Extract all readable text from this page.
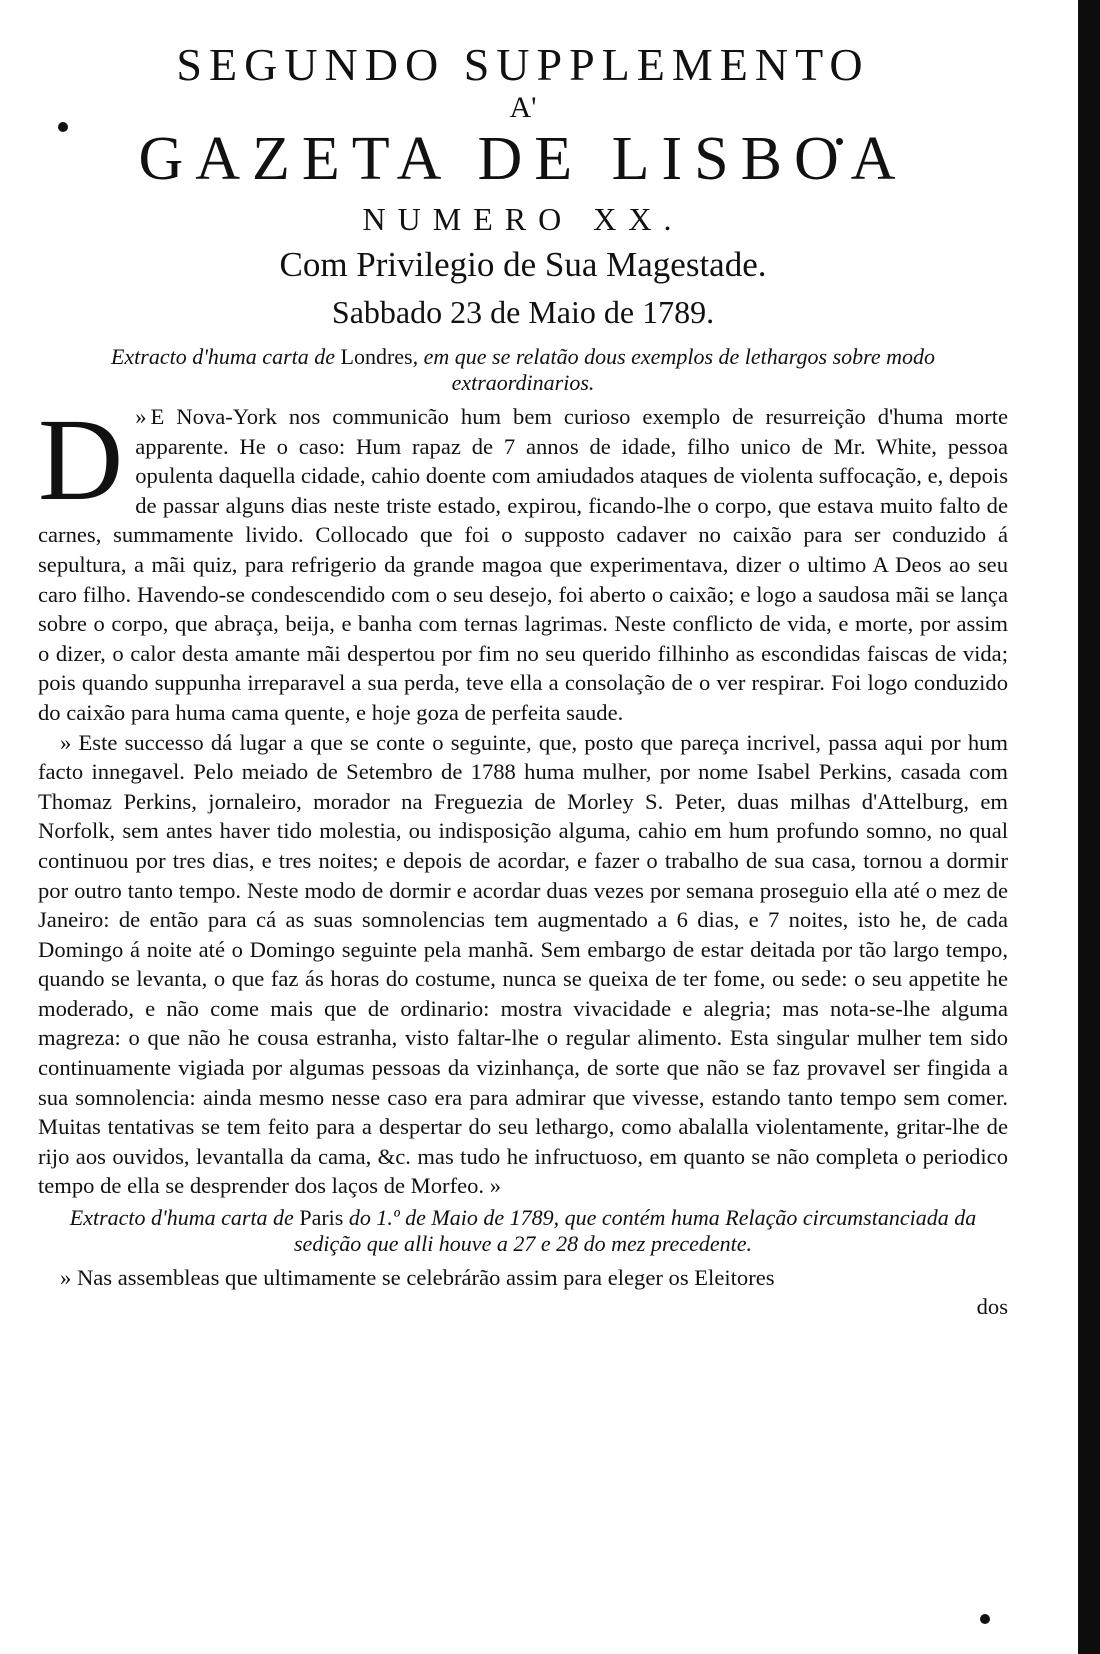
SEGUNDO SUPPLEMENTO
A'
GAZETA DE LISBOA
NUMERO XX.
Com Privilegio de Sua Magestade.
Sabbado 23 de Maio de 1789.

Extracto d'huma carta de Londres, em que se relatão dous exemplos de lethargos sobre modo extraordinarios.

»
D E Nova-York nos communicão hum bem curioso exemplo de resurreição d'huma morte apparente. He o caso: Hum rapaz de 7 annos de idade, filho unico de Mr. White, pessoa opulenta daquella cidade, cahio doente com amiudados ataques de violenta suffocação, e, depois de passar alguns dias neste triste estado, expirou, ficando-lhe o corpo, que estava muito falto de carnes, summamente livido. Collocado que foi o supposto cadaver no caixão para ser conduzido á sepultura, a mãi quiz, para refrigerio da grande magoa que experimentava, dizer o ultimo A Deos ao seu caro filho. Havendo-se condescendido com o seu desejo, foi aberto o caixão; e logo a saudosa mãi se lança sobre o corpo, que abraça, beija, e banha com ternas lagrimas. Neste conflicto de vida, e morte, por assim o dizer, o calor desta amante mãi despertou por fim no seu querido filhinho as escondidas faiscas de vida; pois quando suppunha irreparavel a sua perda, teve ella a consolação de o ver respirar. Foi logo conduzido do caixão para huma cama quente, e hoje goza de perfeita saude.

» Este successo dá lugar a que se conte o seguinte, que, posto que pareça incrivel, passa aqui por hum facto innegavel. Pelo meiado de Setembro de 1788 huma mulher, por nome Isabel Perkins, casada com Thomaz Perkins, jornaleiro, morador na Freguezia de Morley S. Peter, duas milhas d'Attelburg, em Norfolk, sem antes haver tido molestia, ou indisposição alguma, cahio em hum profundo somno, no qual continuou por tres dias, e tres noites; e depois de acordar, e fazer o trabalho de sua casa, tornou a dormir por outro tanto tempo. Neste modo de dormir e acordar duas vezes por semana proseguio ella até o mez de Janeiro: de então para cá as suas somnolencias tem augmentado a 6 dias, e 7 noites, isto he, de cada Domingo á noite até o Domingo seguinte pela manhã. Sem embargo de estar deitada por tão largo tempo, quando se levanta, o que faz ás horas do costume, nunca se queixa de ter fome, ou sede: o seu appetite he moderado, e não come mais que de ordinario: mostra vivacidade e alegria; mas nota-se-lhe alguma magreza: o que não he cousa estranha, visto faltar-lhe o regular alimento. Esta singular mulher tem sido continuamente vigiada por algumas pessoas da vizinhança, de sorte que não se faz provavel ser fingida a sua somnolencia: ainda mesmo nesse caso era para admirar que vivesse, estando tanto tempo sem comer. Muitas tentativas se tem feito para a despertar do seu lethargo, como abalalla violentamente, gritar-lhe de rijo aos ouvidos, levantalla da cama, &c. mas tudo he infructuoso, em quanto se não completa o periodico tempo de ella se desprender dos laços de Morfeo. »

Extracto d'huma carta de Paris do 1.º de Maio de 1789, que contém huma Relação circumstanciada da sedição que alli houve a 27 e 28 do mez precedente.

» Nas assembleas que ultimamente se celebrárão assim para eleger os Eleitores

dos
